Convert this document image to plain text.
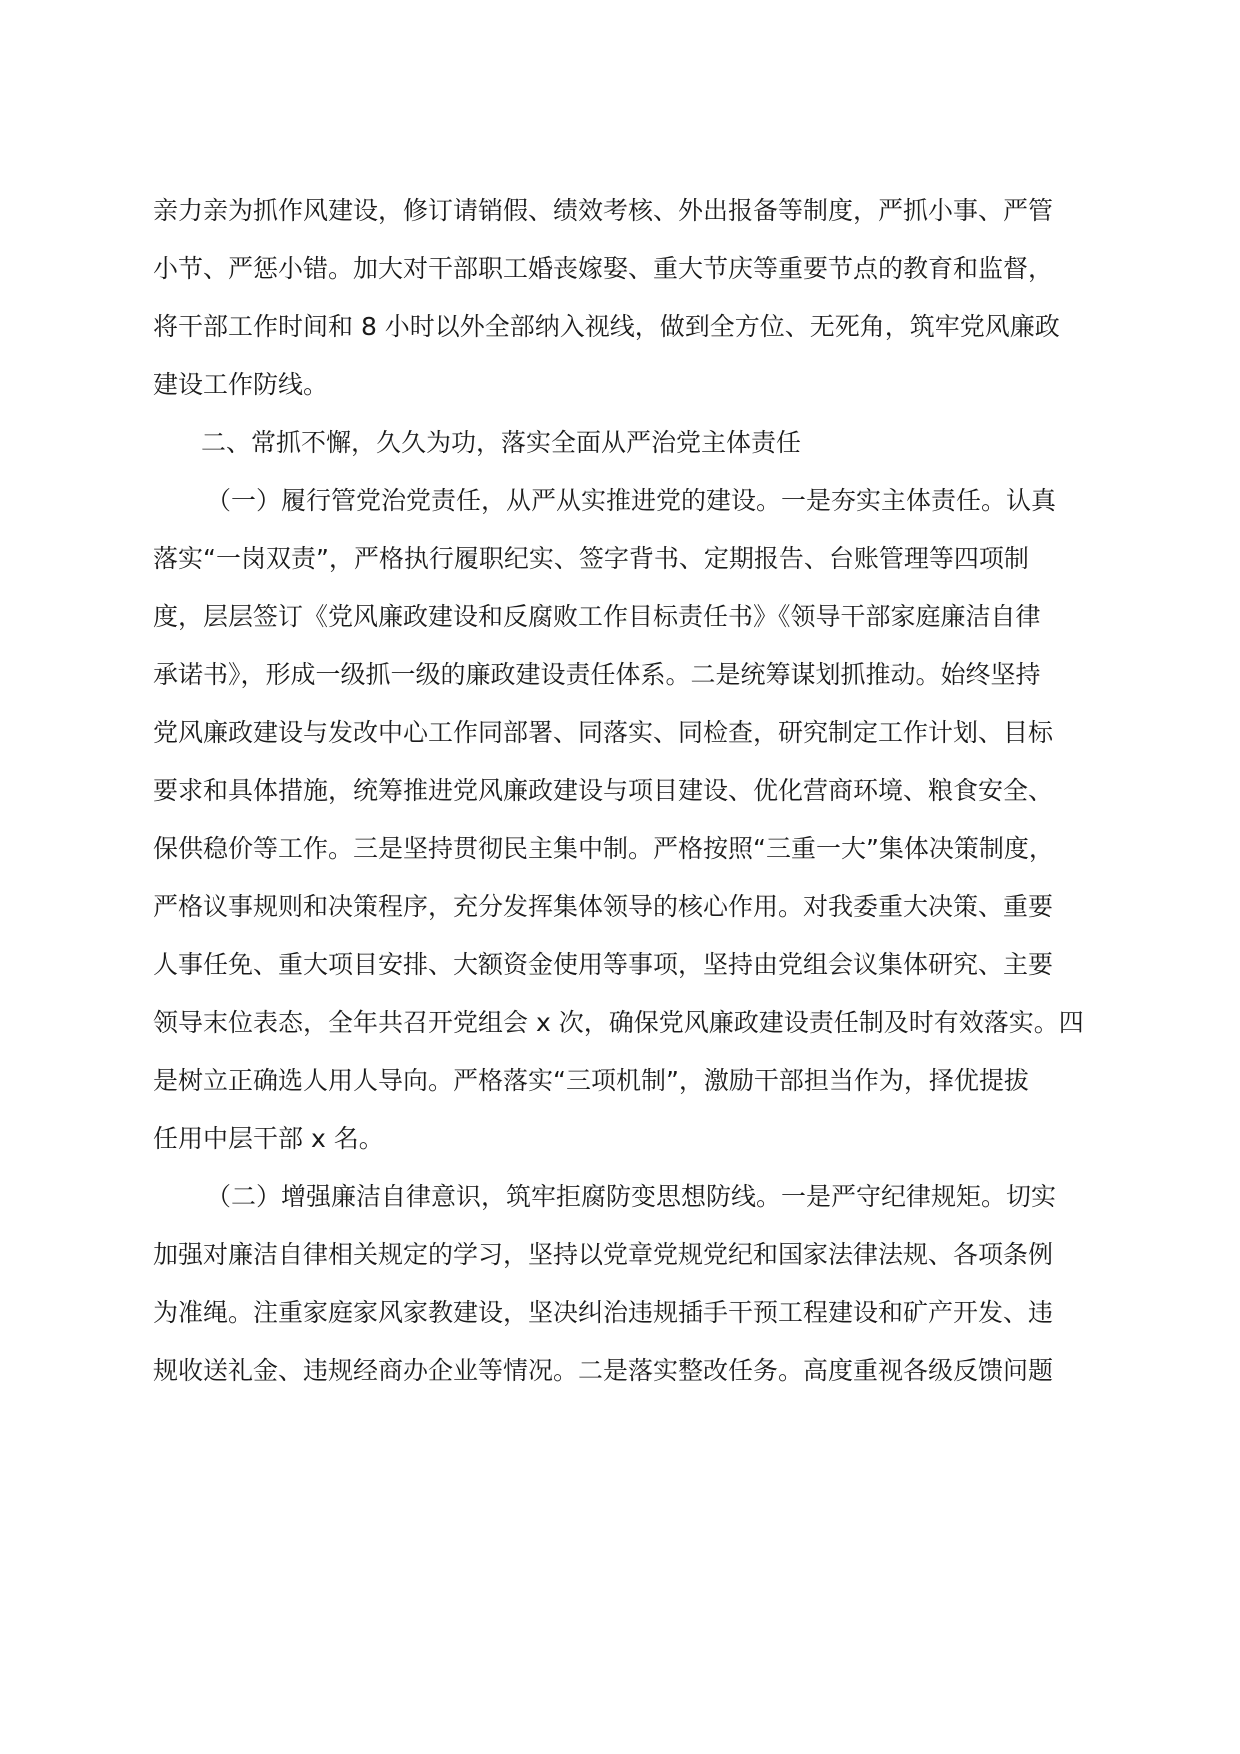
亲力亲为抓作风建设，修订请销假、绩效考核、外出报备等制度，严抓小事、严管
小节、严惩小错。加大对干部职工婚丧嫁娶、重大节庆等重要节点的教育和监督，
将干部工作时间和 8 小时以外全部纳入视线，做到全方位、无死角，筑牢党风廉政
建设工作防线。
二、常抓不懈，久久为功，落实全面从严治党主体责任
（一）履行管党治党责任，从严从实推进党的建设。一是夯实主体责任。认真
落实“一岗双责”，严格执行履职纪实、签字背书、定期报告、台账管理等四项制
度，层层签订《党风廉政建设和反腐败工作目标责任书》《领导干部家庭廉洁自律
承诺书》，形成一级抓一级的廉政建设责任体系。二是统筹谋划抓推动。始终坚持
党风廉政建设与发改中心工作同部署、同落实、同检查，研究制定工作计划、目标
要求和具体措施，统筹推进党风廉政建设与项目建设、优化营商环境、粮食安全、
保供稳价等工作。三是坚持贯彻民主集中制。严格按照“三重一大”集体决策制度，
严格议事规则和决策程序，充分发挥集体领导的核心作用。对我委重大决策、重要
人事任免、重大项目安排、大额资金使用等事项，坚持由党组会议集体研究、主要
领导末位表态，全年共召开党组会 x 次，确保党风廉政建设责任制及时有效落实。四
是树立正确选人用人导向。严格落实“三项机制”，激励干部担当作为，择优提拔
任用中层干部 x 名。
（二）增强廉洁自律意识，筑牢拒腐防变思想防线。一是严守纪律规矩。切实
加强对廉洁自律相关规定的学习，坚持以党章党规党纪和国家法律法规、各项条例
为准绳。注重家庭家风家教建设，坚决纠治违规插手干预工程建设和矿产开发、违
规收送礼金、违规经商办企业等情况。二是落实整改任务。高度重视各级反馈问题
